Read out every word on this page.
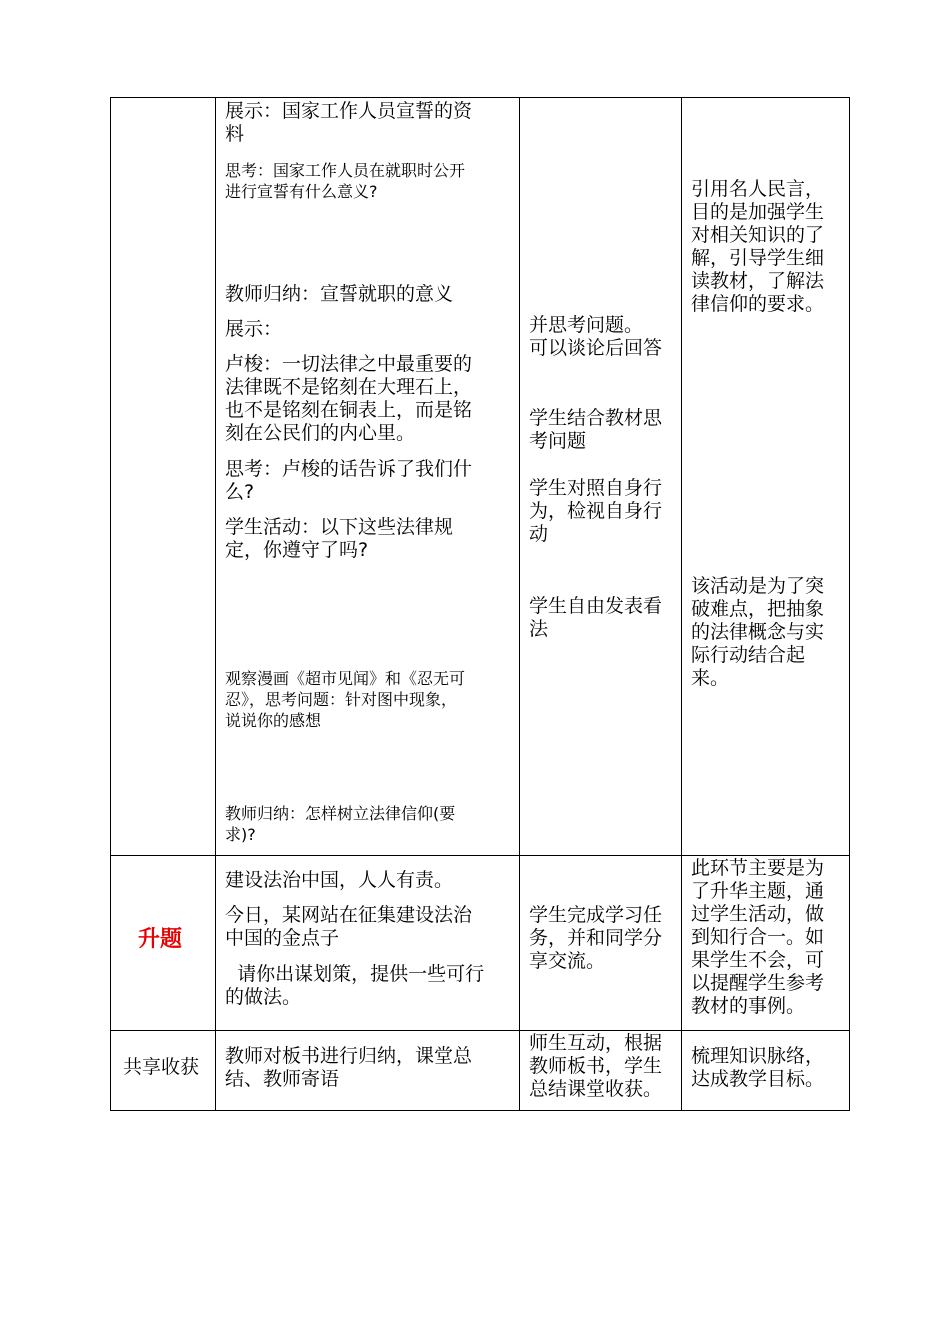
展示：国家工作人员宣誓的资
料
思考：国家工作人员在就职时公开
进行宣誓有什么意义?
教师归纳：宣誓就职的意义
展示：
卢梭：一切法律之中最重要的
法律既不是铭刻在大理石上，
也不是铭刻在铜表上，而是铭
刻在公民们的内心里。
思考：卢梭的话告诉了我们什
么?
学生活动：以下这些法律规
定，你遵守了吗?
观察漫画《超市见闻》和《忍无可
忍》，思考问题：针对图中现象，
说说你的感想
教师归纳：怎样树立法律信仰(要
求)?
并思考问题。
可以谈论后回答
学生结合教材思
考问题
学生对照自身行
为，检视自身行
动
学生自由发表看
法
引用名人民言，
目的是加强学生
对相关知识的了
解，引导学生细
读教材，了解法
律信仰的要求。
该活动是为了突
破难点，把抽象
的法律概念与实
际行动结合起
来。
升题
建设法治中国，人人有责。
今日，某网站在征集建设法治
中国的金点子
请你出谋划策，提供一些可行
的做法。
学生完成学习任
务，并和同学分
享交流。
此环节主要是为
了升华主题，通
过学生活动，做
到知行合一。如
果学生不会，可
以提醒学生参考
教材的事例。
共享收获 教师对板书进行归纳，课堂总
结、教师寄语
师生互动，根据
教师板书，学生
总结课堂收获。
梳理知识脉络，
达成教学目标。
